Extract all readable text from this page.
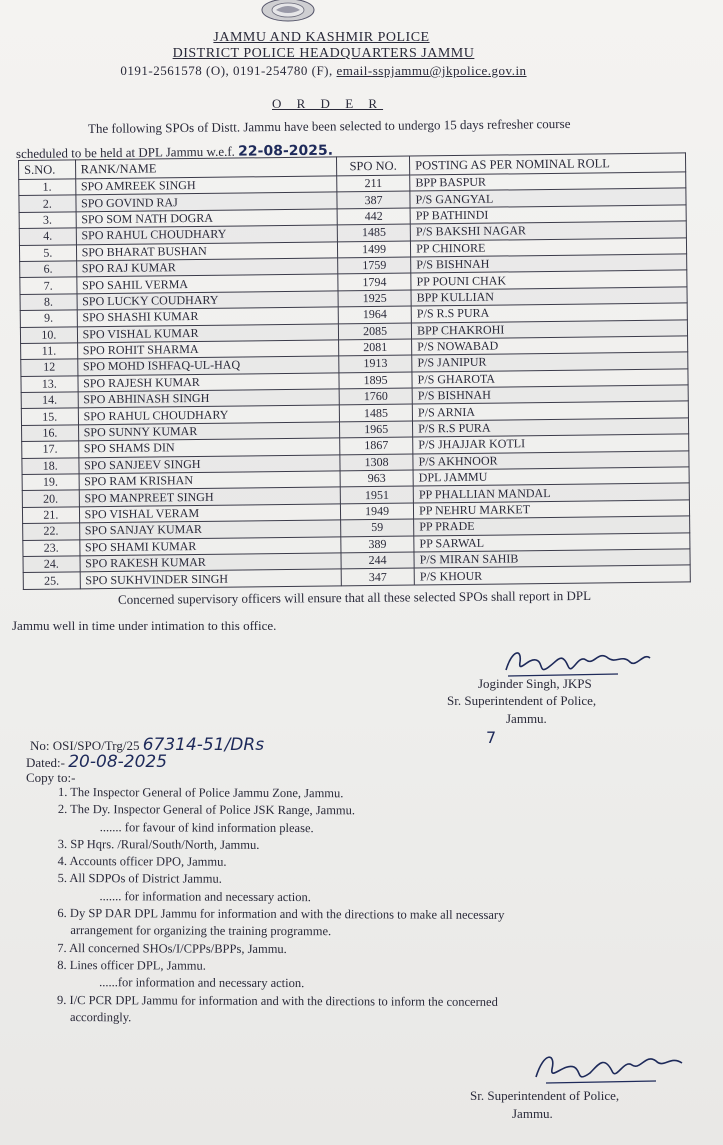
JAMMU AND KASHMIR POLICE
DISTRICT POLICE HEADQUARTERS JAMMU
0191-2561578 (O), 0191-254780 (F), email-sspjammu@jkpolice.gov.in
O R D E R
The following SPOs of Distt. Jammu have been selected to undergo 15 days refresher course
scheduled to be held at DPL Jammu w.e.f. 22-08-2025.
S.NO.	RANK/NAME	SPO NO.	POSTING AS PER NOMINAL ROLL
1.	SPO AMREEK SINGH	211	BPP BASPUR
2.	SPO GOVIND RAJ	387	P/S GANGYAL
3.	SPO SOM NATH DOGRA	442	PP BATHINDI
4.	SPO RAHUL CHOUDHARY	1485	P/S BAKSHI NAGAR
5.	SPO BHARAT BUSHAN	1499	PP CHINORE
6.	SPO RAJ KUMAR	1759	P/S BISHNAH
7.	SPO SAHIL VERMA	1794	PP POUNI CHAK
8.	SPO LUCKY COUDHARY	1925	BPP KULLIAN
9.	SPO SHASHI KUMAR	1964	P/S R.S PURA
10.	SPO VISHAL KUMAR	2085	BPP CHAKROHI
11.	SPO ROHIT SHARMA	2081	P/S NOWABAD
12	SPO MOHD ISHFAQ-UL-HAQ	1913	P/S JANIPUR
13.	SPO RAJESH KUMAR	1895	P/S GHAROTA
14.	SPO ABHINASH SINGH	1760	P/S BISHNAH
15.	SPO RAHUL CHOUDHARY	1485	P/S ARNIA
16.	SPO SUNNY KUMAR	1965	P/S R.S PURA
17.	SPO SHAMS DIN	1867	P/S JHAJJAR KOTLI
18.	SPO SANJEEV SINGH	1308	P/S AKHNOOR
19.	SPO RAM KRISHAN	963	DPL JAMMU
20.	SPO MANPREET SINGH	1951	PP PHALLIAN MANDAL
21.	SPO VISHAL VERAM	1949	PP NEHRU MARKET
22.	SPO SANJAY KUMAR	59	PP PRADE
23.	SPO SHAMI KUMAR	389	PP SARWAL
24.	SPO RAKESH KUMAR	244	P/S MIRAN SAHIB
25.	SPO SUKHVINDER SINGH	347	P/S KHOUR
Concerned supervisory officers will ensure that all these selected SPOs shall report in DPL
Jammu well in time under intimation to this office.
Joginder Singh, JKPS
Sr. Superintendent of Police,
Jammu.
7
No: OSI/SPO/Trg/25 67314-51/DRs
Dated:- 20-08-2025
Copy to:-
1. The Inspector General of Police Jammu Zone, Jammu.
2. The Dy. Inspector General of Police JSK Range, Jammu.
....... for favour of kind information please.
3. SP Hqrs. /Rural/South/North, Jammu.
4. Accounts officer DPO, Jammu.
5. All SDPOs of District Jammu.
....... for information and necessary action.
6. Dy SP DAR DPL Jammu for information and with the directions to make all necessary
arrangement for organizing the training programme.
7. All concerned SHOs/I/CPPs/BPPs, Jammu.
8. Lines officer DPL, Jammu.
......for information and necessary action.
9. I/C PCR DPL Jammu for information and with the directions to inform the concerned
accordingly.
Sr. Superintendent of Police,
Jammu.
